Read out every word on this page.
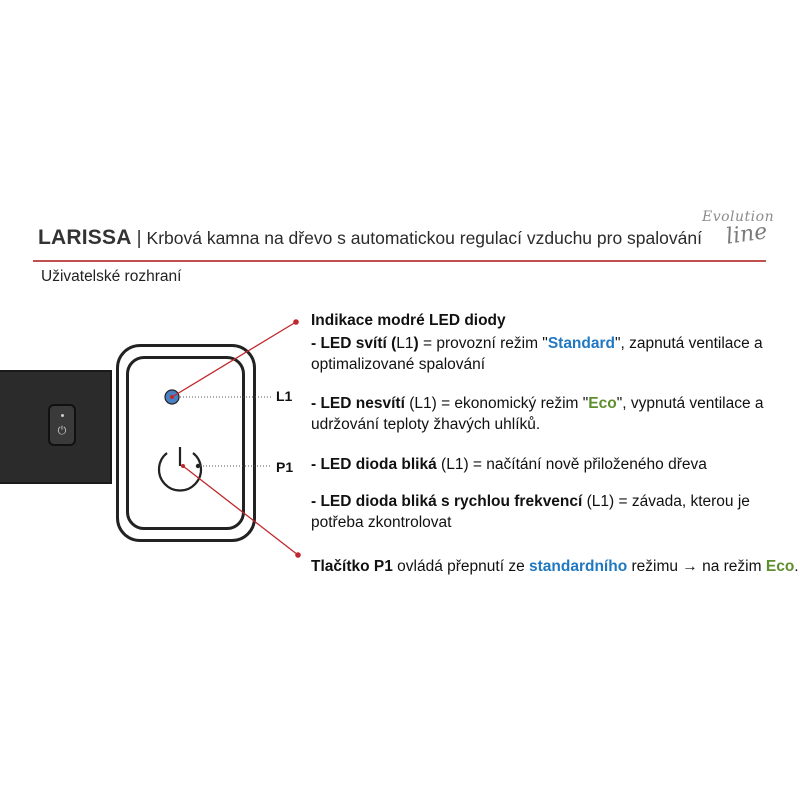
LARISSA | Krbová kamna na dřevo s automatickou regulací vzduchu pro spalování
Evolution
line
Uživatelské rozhraní
⏻
L1
P1
Indikace modré LED diody
- LED svítí (L1) = provozní režim "Standard", zapnutá ventilace a optimalizované spalování
- LED nesvítí (L1) = ekonomický režim "Eco", vypnutá ventilace a udržování teploty žhavých uhlíků.
- LED dioda bliká (L1) = načítání nově přiloženého dřeva
- LED dioda bliká s rychlou frekvencí (L1) = závada, kterou je potřeba zkontrolovat
Tlačítko P1 ovládá přepnutí ze standardního režimu → na režim Eco.
